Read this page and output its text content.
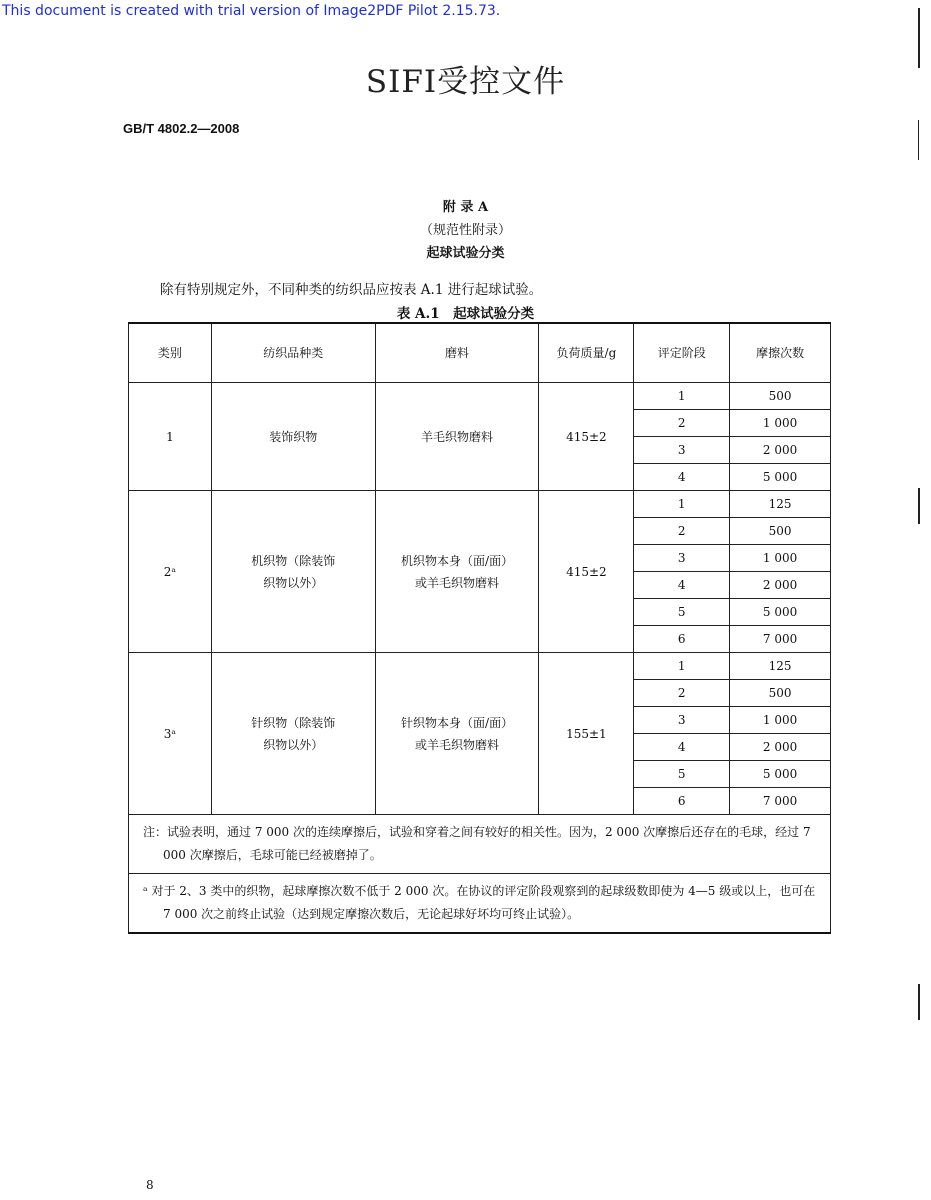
This document is created with trial version of Image2PDF Pilot 2.15.73.
SIFI受控文件
GB/T 4802.2—2008
附 录 A
（规范性附录）
起球试验分类
除有特别规定外，不同种类的纺织品应按表 A.1 进行起球试验。
表 A.1　起球试验分类
类别	纺织品种类	磨料	负荷质量/g	评定阶段	摩擦次数
1	装饰织物	羊毛织物磨料	415±2	1	500
				2	1 000
				3	2 000
				4	5 000
2ᵃ	机织物（除装饰织物以外）	机织物本身（面/面）或羊毛织物磨料	415±2	1	125
				2	500
				3	1 000
				4	2 000
				5	5 000
				6	7 000
3ᵃ	针织物（除装饰织物以外）	针织物本身（面/面）或羊毛织物磨料	155±1	1	125
				2	500
				3	1 000
				4	2 000
				5	5 000
				6	7 000
注：试验表明，通过 7 000 次的连续摩擦后，试验和穿着之间有较好的相关性。因为，2 000 次摩擦后还存在的毛球，经过 7 000 次摩擦后，毛球可能已经被磨掉了。					
ᵃ 对于 2、3 类中的织物，起球摩擦次数不低于 2 000 次。在协议的评定阶段观察到的起球级数即使为 4—5 级或以上，也可在 7 000 次之前终止试验（达到规定摩擦次数后，无论起球好坏均可终止试验）。					
8
